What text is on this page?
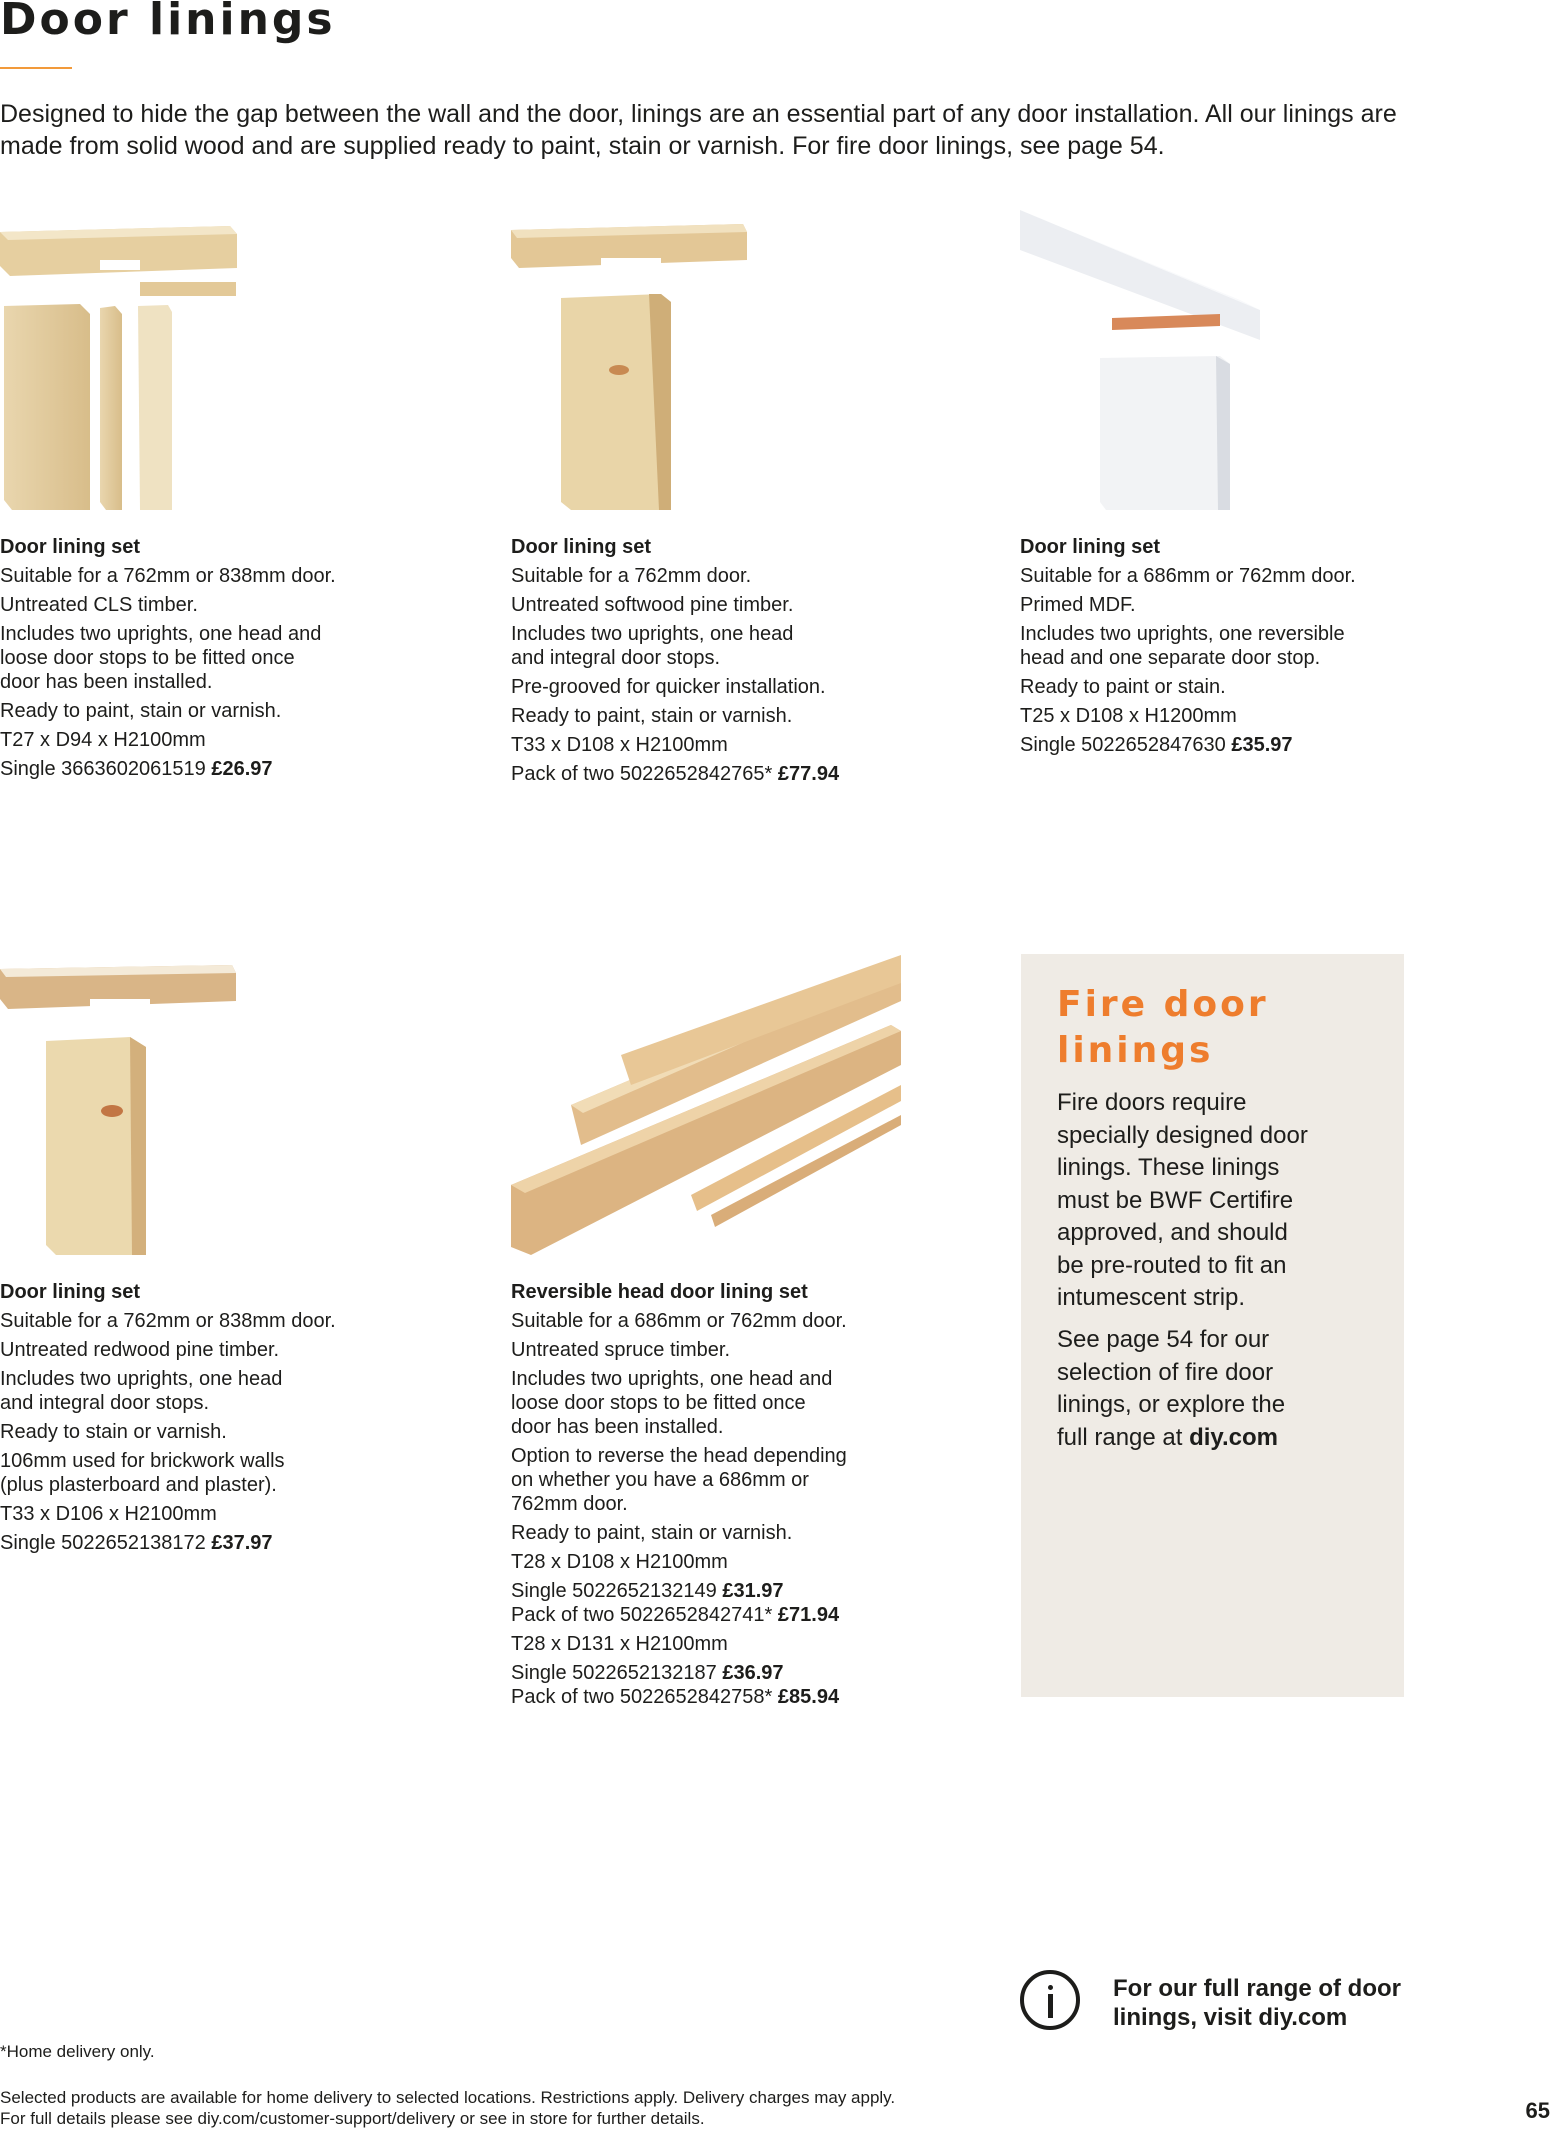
Door linings

Designed to hide the gap between the wall and the door, linings are an essential part of any door installation. All our linings are made from solid wood and are supplied ready to paint, stain or varnish. For fire door linings, see page 54.

Door lining set
Suitable for a 762mm or 838mm door.
Untreated CLS timber.
Includes two uprights, one head and
loose door stops to be fitted once
door has been installed.
Ready to paint, stain or varnish.
T27 x D94 x H2100mm
Single 3663602061519 £26.97
Door lining set
Suitable for a 762mm door.
Untreated softwood pine timber.
Includes two uprights, one head
and integral door stops.
Pre-grooved for quicker installation.
Ready to paint, stain or varnish.
T33 x D108 x H2100mm
Pack of two 5022652842765* £77.94
Door lining set
Suitable for a 686mm or 762mm door.
Primed MDF.
Includes two uprights, one reversible
head and one separate door stop.
Ready to paint or stain.
T25 x D108 x H1200mm
Single 5022652847630 £35.97
Door lining set
Suitable for a 762mm or 838mm door.
Untreated redwood pine timber.
Includes two uprights, one head
and integral door stops.
Ready to stain or varnish.
106mm used for brickwork walls
(plus plasterboard and plaster).
T33 x D106 x H2100mm
Single 5022652138172 £37.97
Reversible head door lining set
Suitable for a 686mm or 762mm door.
Untreated spruce timber.
Includes two uprights, one head and
loose door stops to be fitted once
door has been installed.
Option to reverse the head depending
on whether you have a 686mm or
762mm door.
Ready to paint, stain or varnish.
T28 x D108 x H2100mm
Single 5022652132149 £31.97
Pack of two 5022652842741* £71.94
T28 x D131 x H2100mm
Single 5022652132187 £36.97
Pack of two 5022652842758* £85.94
Fire door
linings

Fire doors require
specially designed door
linings. These linings
must be BWF Certifire
approved, and should
be pre-routed to fit an
intumescent strip.

See page 54 for our
selection of fire door
linings, or explore the
full range at diy.com

For our full range of door
linings, visit diy.com

*Home delivery only.

Selected products are available for home delivery to selected locations. Restrictions apply. Delivery charges may apply.
For full details please see diy.com/customer-support/delivery or see in store for further details.	65
